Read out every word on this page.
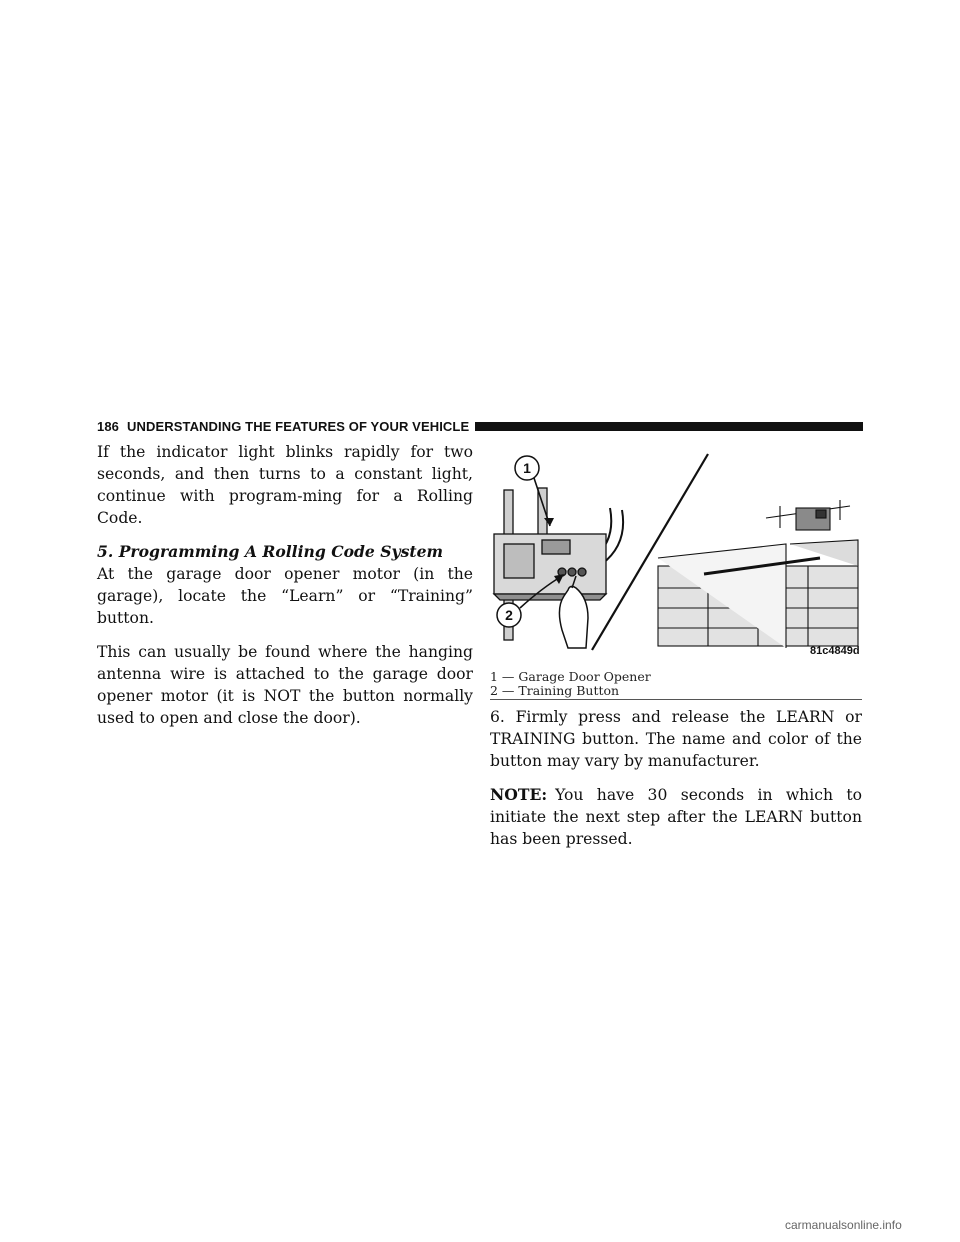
186 UNDERSTANDING THE FEATURES OF YOUR VEHICLE

If the indicator light blinks rapidly for two seconds, and then turns to a constant light, continue with program-ming for a Rolling Code.

5. Programming A Rolling Code System

At the garage door opener motor (in the garage), locate the “Learn” or “Training” button.

This can usually be found where the hanging antenna wire is attached to the garage door opener motor (it is NOT the button normally used to open and close the door).

1
2
81c4849d
1 — Garage Door Opener
2 — Training Button

6. Firmly press and release the LEARN or TRAINING button. The name and color of the button may vary by manufacturer.

NOTE: You have 30 seconds in which to initiate the next step after the LEARN button has been pressed.

carmanualsonline.info
